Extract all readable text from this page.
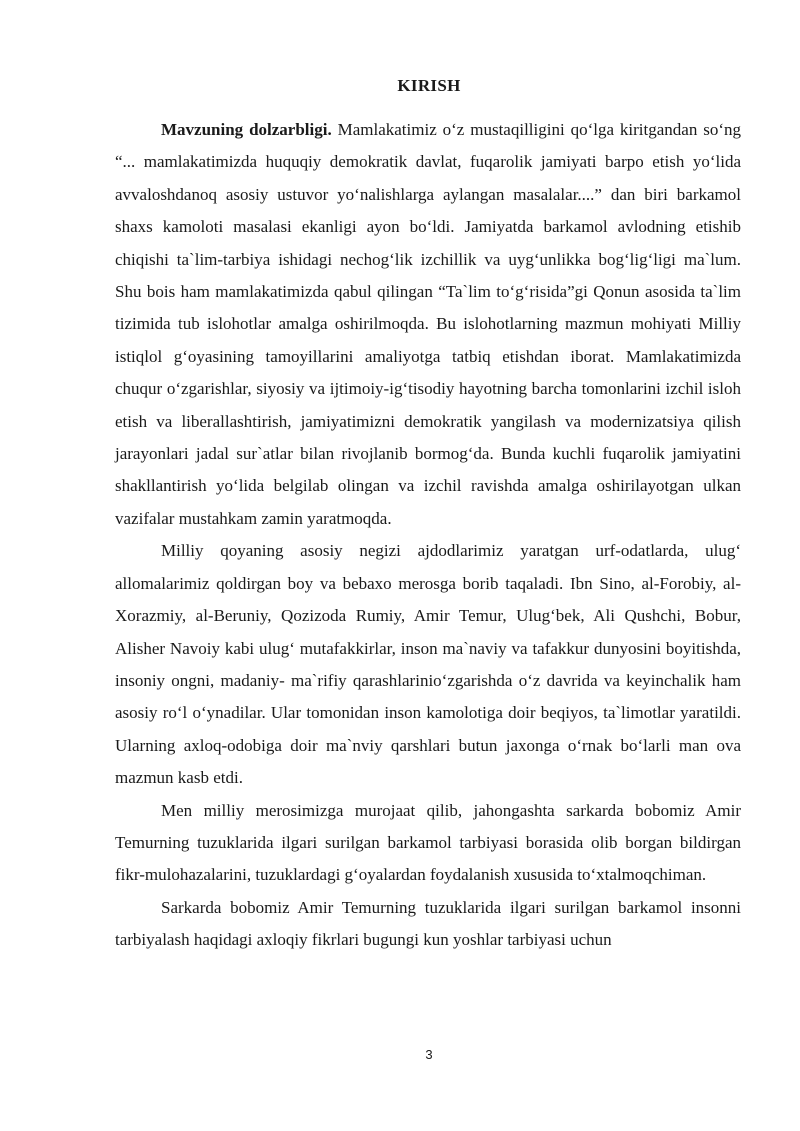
KIRISH

Mavzuning dolzarbligi. Mamlakatimiz o‘z mustaqilligini qo‘lga kiritgandan so‘ng “... mamlakatimizda huquqiy demokratik davlat, fuqarolik jamiyati barpo etish yo‘lida avvaloshdanoq asosiy ustuvor yo‘nalishlarga aylangan masalalar....” dan biri barkamol shaxs kamoloti masalasi ekanligi ayon bo‘ldi. Jamiyatda barkamol avlodning etishib chiqishi ta`lim-tarbiya ishidagi nechog‘lik izchillik va uyg‘unlikka bog‘lig‘ligi ma`lum. Shu bois ham mamlakatimizda qabul qilingan “Ta`lim to‘g‘risida”gi Qonun asosida ta`lim tizimida tub islohotlar amalga oshirilmoqda. Bu islohotlarning mazmun mohiyati Milliy istiqlol g‘oyasining tamoyillarini amaliyotga tatbiq etishdan iborat. Mamlakatimizda chuqur o‘zgarishlar, siyosiy va ijtimoiy-ig‘tisodiy hayotning barcha tomonlarini izchil isloh etish va liberallashtirish, jamiyatimizni demokratik yangilash va modernizatsiya qilish jarayonlari jadal sur`atlar bilan rivojlanib bormog‘da. Bunda kuchli fuqarolik jamiyatini shakllantirish yo‘lida belgilab olingan va izchil ravishda amalga oshirilayotgan ulkan vazifalar mustahkam zamin yaratmoqda.

Milliy qoyaning asosiy negizi ajdodlarimiz yaratgan urf-odatlarda, ulug‘ allomalarimiz qoldirgan boy va bebaxo merosga borib taqaladi. Ibn Sino, al-Forobiy, al-Xorazmiy, al-Beruniy, Qozizoda Rumiy, Amir Temur, Ulug‘bek, Ali Qushchi, Bobur, Alisher Navoiy kabi ulug‘ mutafakkirlar, inson ma`naviy va tafakkur dunyosini boyitishda, insoniy ongni, madaniy- ma`rifiy qarashlarinio‘zgarishda o‘z davrida va keyinchalik ham asosiy ro‘l o‘ynadilar. Ular tomonidan inson kamolotiga doir beqiyos, ta`limotlar yaratildi. Ularning axloq-odobiga doir ma`nviy qarshlari butun jaxonga o‘rnak bo‘larli man ova mazmun kasb etdi.

Men milliy merosimizga murojaat qilib, jahongashta sarkarda bobomiz Amir Temurning tuzuklarida ilgari surilgan barkamol tarbiyasi borasida olib borgan bildirgan fikr-mulohazalarini, tuzuklardagi g‘oyalardan foydalanish xususida to‘xtalmoqchiman.

Sarkarda bobomiz Amir Temurning tuzuklarida ilgari surilgan barkamol insonni tarbiyalash haqidagi axloqiy fikrlari bugungi kun yoshlar tarbiyasi uchun

3
